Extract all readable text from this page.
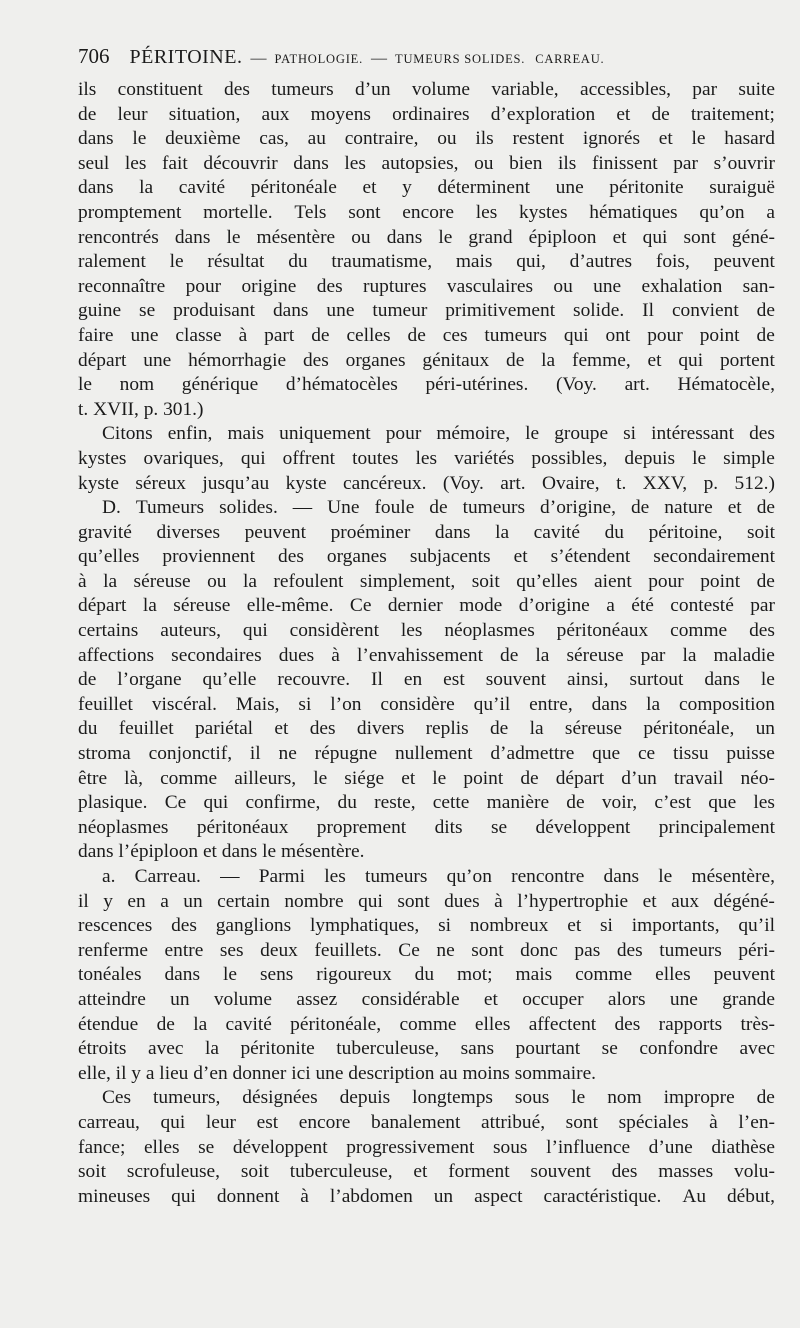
706 PÉRITOINE. — PATHOLOGIE. — TUMEURS SOLIDES. CARREAU.
ils constituent des tumeurs d’un volume variable, accessibles, par suite
de leur situation, aux moyens ordinaires d’exploration et de traitement;
dans le deuxième cas, au contraire, ou ils restent ignorés et le hasard
seul les fait découvrir dans les autopsies, ou bien ils finissent par s’ouvrir
dans la cavité péritonéale et y déterminent une péritonite suraiguë
promptement mortelle. Tels sont encore les kystes hématiques qu’on a
rencontrés dans le mésentère ou dans le grand épiploon et qui sont géné-
ralement le résultat du traumatisme, mais qui, d’autres fois, peuvent
reconnaître pour origine des ruptures vasculaires ou une exhalation san-
guine se produisant dans une tumeur primitivement solide. Il convient de
faire une classe à part de celles de ces tumeurs qui ont pour point de
départ une hémorrhagie des organes génitaux de la femme, et qui portent
le nom générique d’hématocèles péri-utérines. (Voy. art. Hématocèle,
t. XVII, p. 301.)
Citons enfin, mais uniquement pour mémoire, le groupe si intéressant des
kystes ovariques, qui offrent toutes les variétés possibles, depuis le simple
kyste séreux jusqu’au kyste cancéreux. (Voy. art. Ovaire, t. XXV, p. 512.)
D. Tumeurs solides. — Une foule de tumeurs d’origine, de nature et de
gravité diverses peuvent proéminer dans la cavité du péritoine, soit
qu’elles proviennent des organes subjacents et s’étendent secondairement
à la séreuse ou la refoulent simplement, soit qu’elles aient pour point de
départ la séreuse elle-même. Ce dernier mode d’origine a été contesté par
certains auteurs, qui considèrent les néoplasmes péritonéaux comme des
affections secondaires dues à l’envahissement de la séreuse par la maladie
de l’organe qu’elle recouvre. Il en est souvent ainsi, surtout dans le
feuillet viscéral. Mais, si l’on considère qu’il entre, dans la composition
du feuillet pariétal et des divers replis de la séreuse péritonéale, un
stroma conjonctif, il ne répugne nullement d’admettre que ce tissu puisse
être là, comme ailleurs, le siége et le point de départ d’un travail néo-
plasique. Ce qui confirme, du reste, cette manière de voir, c’est que les
néoplasmes péritonéaux proprement dits se développent principalement
dans l’épiploon et dans le mésentère.
a. Carreau. — Parmi les tumeurs qu’on rencontre dans le mésentère,
il y en a un certain nombre qui sont dues à l’hypertrophie et aux dégéné-
rescences des ganglions lymphatiques, si nombreux et si importants, qu’il
renferme entre ses deux feuillets. Ce ne sont donc pas des tumeurs péri-
tonéales dans le sens rigoureux du mot; mais comme elles peuvent
atteindre un volume assez considérable et occuper alors une grande
étendue de la cavité péritonéale, comme elles affectent des rapports très-
étroits avec la péritonite tuberculeuse, sans pourtant se confondre avec
elle, il y a lieu d’en donner ici une description au moins sommaire.
Ces tumeurs, désignées depuis longtemps sous le nom impropre de
carreau, qui leur est encore banalement attribué, sont spéciales à l’en-
fance; elles se développent progressivement sous l’influence d’une diathèse
soit scrofuleuse, soit tuberculeuse, et forment souvent des masses volu-
mineuses qui donnent à l’abdomen un aspect caractéristique. Au début,
